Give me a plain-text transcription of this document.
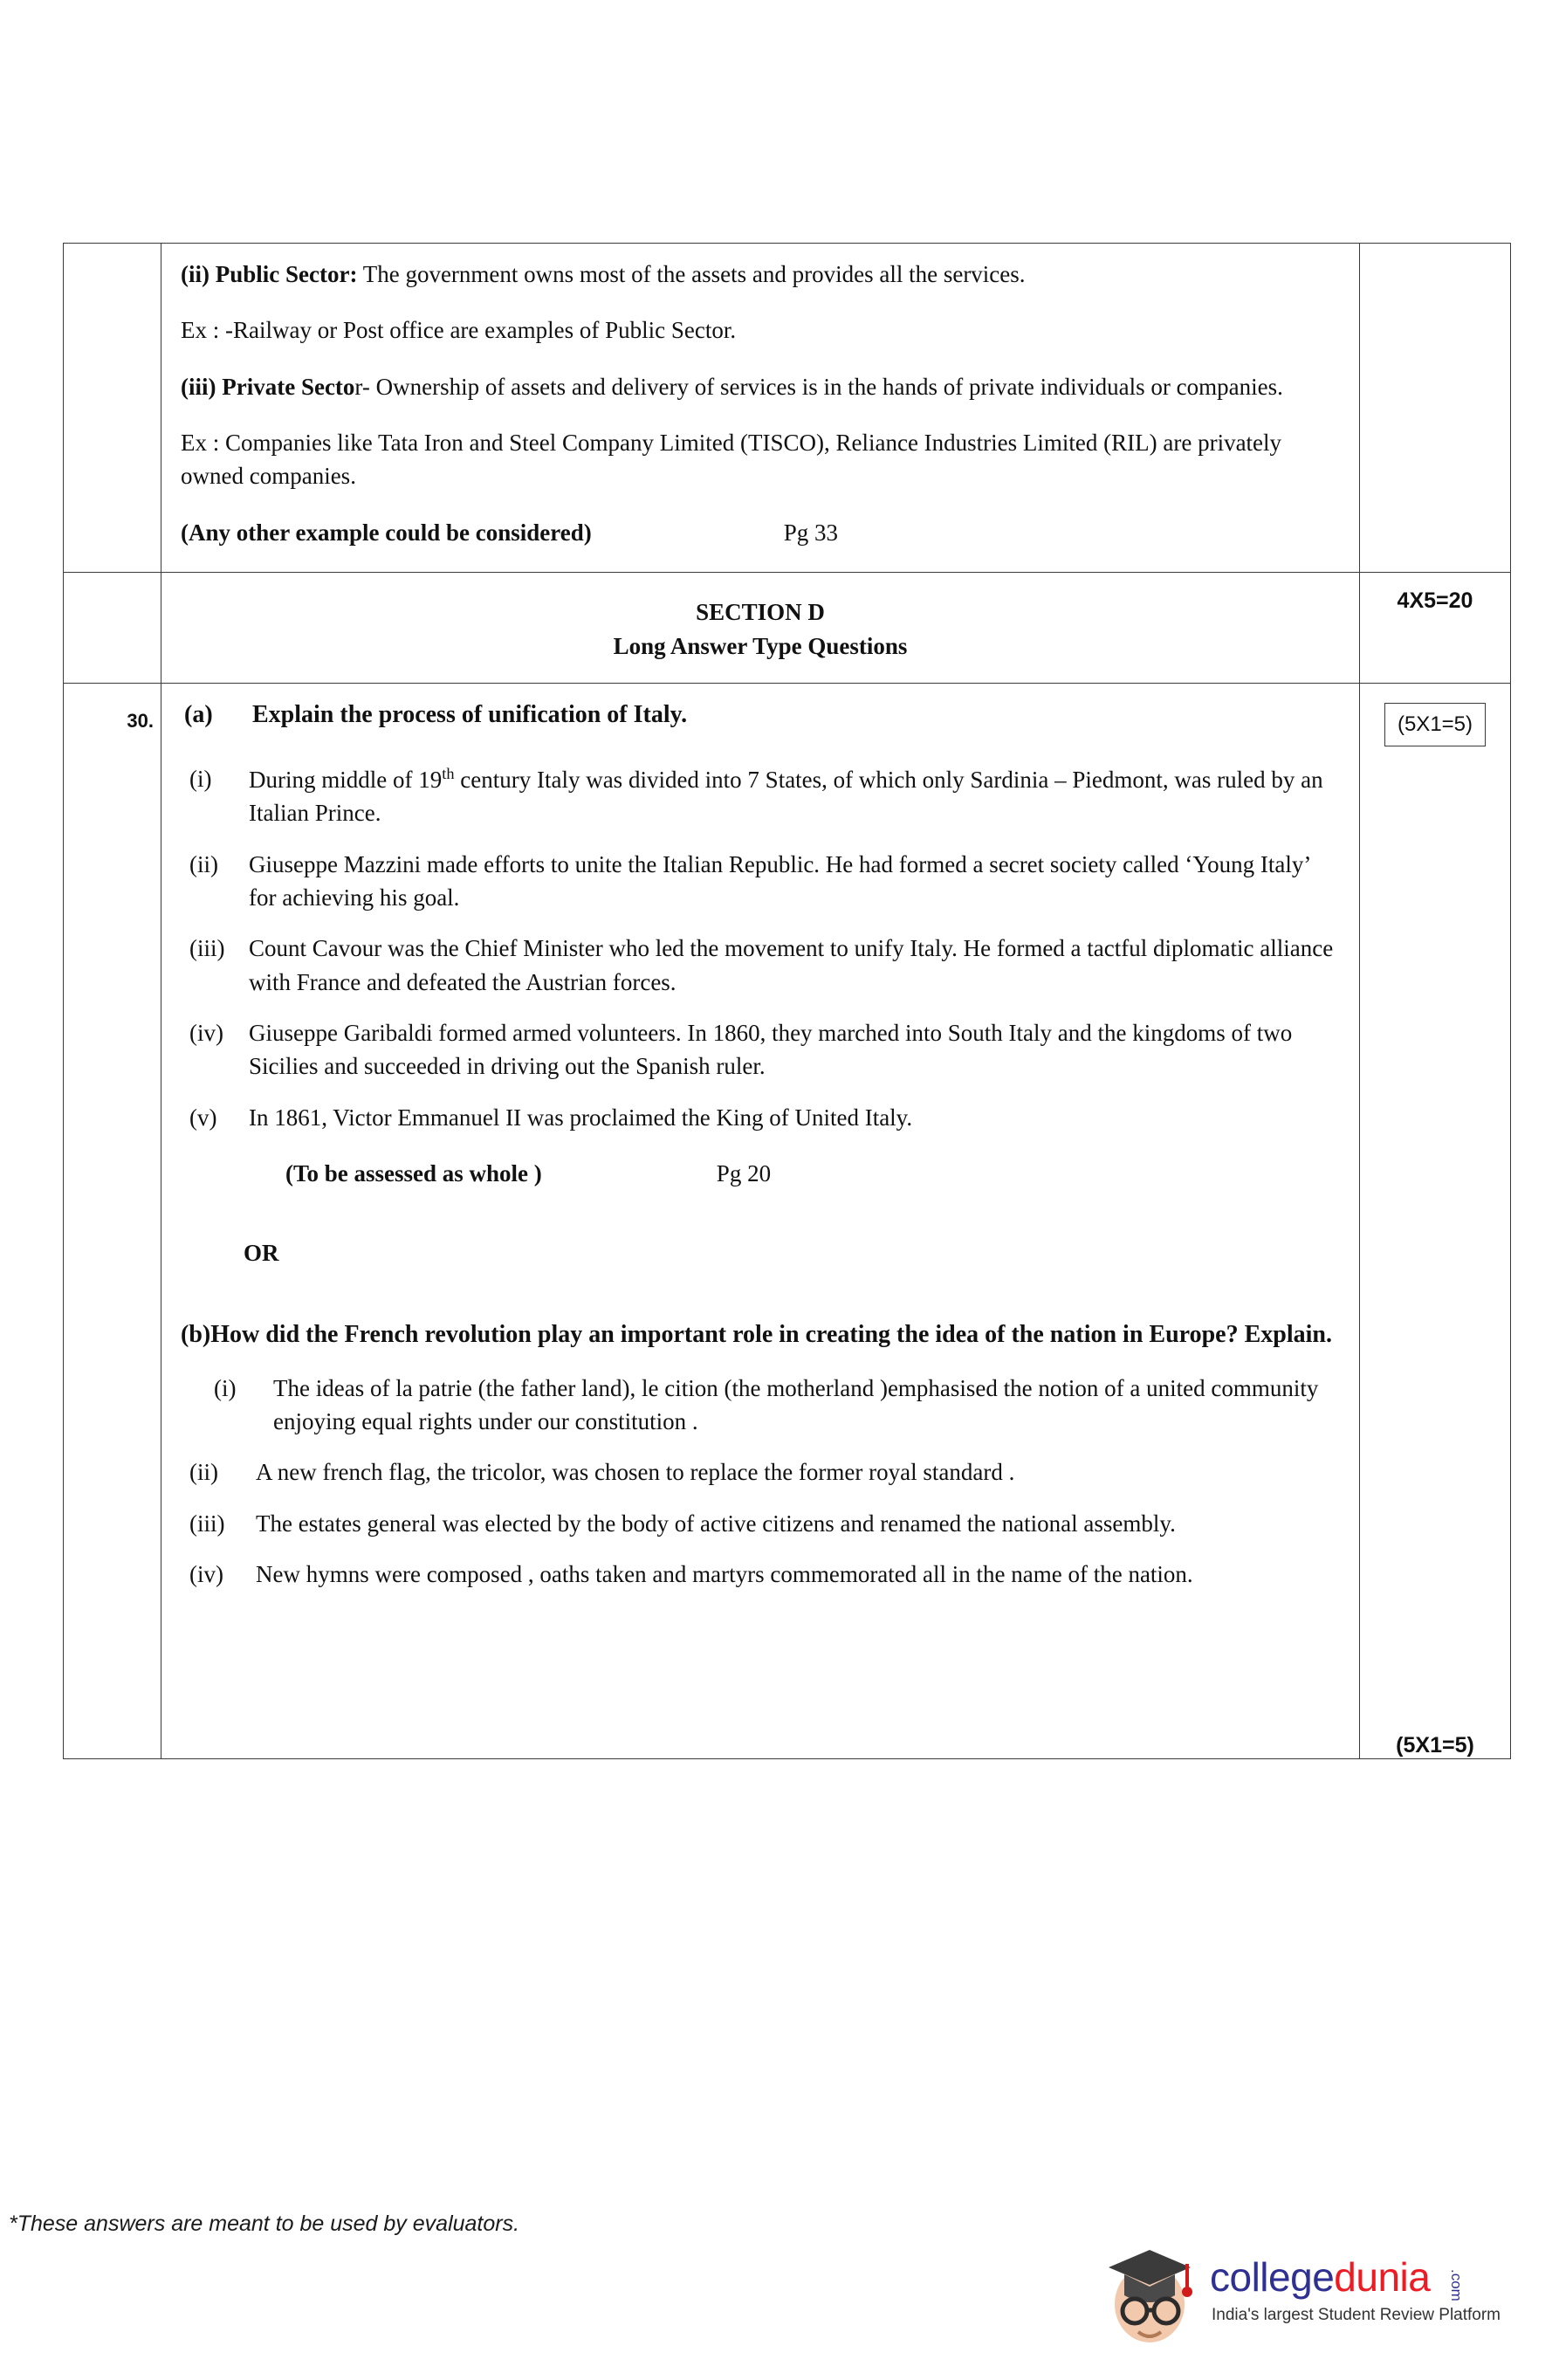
	(ii) Public Sector: The government owns most of the assets and provides all the services.

Ex : -Railway or Post office are examples of Public Sector.

(iii) Private Sector- Ownership of assets and delivery of services is in the hands of private individuals or companies.

Ex : Companies like Tata Iron and Steel Company Limited (TISCO), Reliance Industries Limited (RIL) are privately owned companies.

(Any other example could be considered) Pg 33	

	SECTION D
Long Answer Type Questions	4X5=20

30.	(a)	Explain the process of unification of Italy.
(i)	During middle of 19th century Italy was divided into 7 States, of which only Sardinia – Piedmont, was ruled by an Italian Prince.
(ii)	Giuseppe Mazzini made efforts to unite the Italian Republic. He had formed a secret society called ‘Young Italy’ for achieving his goal.
(iii)	Count Cavour was the Chief Minister who led the movement to unify Italy. He formed a tactful diplomatic alliance with France and defeated the Austrian forces.
(iv)	Giuseppe Garibaldi formed armed volunteers. In 1860, they marched into South Italy and the kingdoms of two Sicilies and succeeded in driving out the Spanish ruler.
(v)	In 1861, Victor Emmanuel II was proclaimed the King of United Italy.
(To be assessed as whole )	Pg 20
OR

(b)How did the French revolution play an important role in creating the idea of the nation in Europe? Explain.

(i)	The ideas of la patrie (the father land), le cition (the motherland )emphasised the notion of a united community enjoying equal rights under our constitution .
(ii)	A new french flag, the tricolor, was chosen to replace the former royal standard .
(iii)	The estates general was elected by the body of active citizens and renamed the national assembly.
(iv)	New hymns were composed , oaths taken and martyrs commemorated all in the name of the nation.

(5X1=5)
(5X1=5)
*These answers are meant to be used by evaluators.
collegedunia .com
India's largest Student Review Platform
